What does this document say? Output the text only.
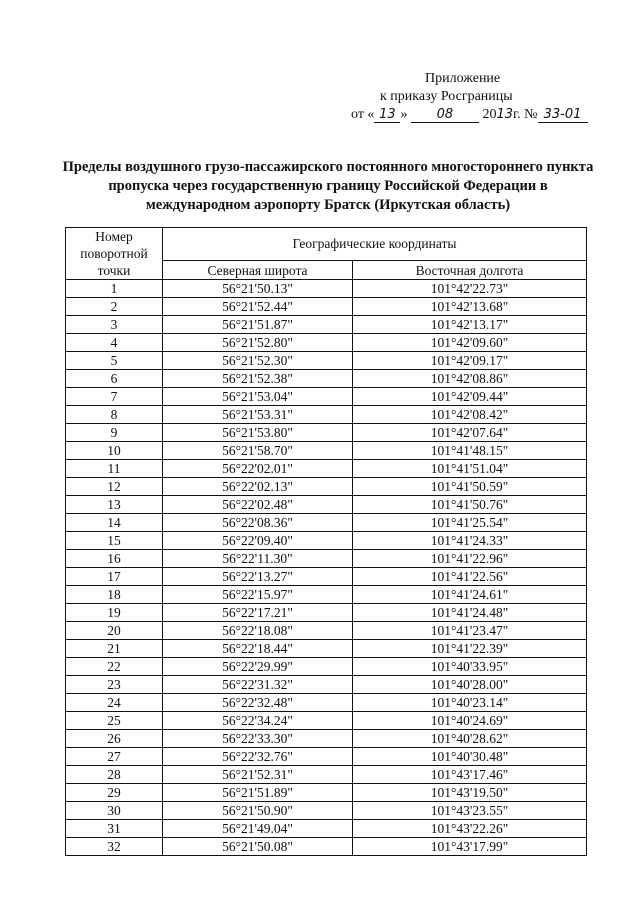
Приложение
к приказу Росграницы
от « 13 » 08 2013г. № 33-01
Пределы воздушного грузо-пассажирского постоянного многостороннего пункта пропуска через государственную границу Российской Федерации в международном аэропорту Братск (Иркутская область)
Номер поворотной точки	Географические координаты	
	Северная широта	Восточная долгота
1	56°21'50.13"	101°42'22.73"
2	56°21'52.44"	101°42'13.68"
3	56°21'51.87"	101°42'13.17"
4	56°21'52.80"	101°42'09.60"
5	56°21'52.30"	101°42'09.17"
6	56°21'52.38"	101°42'08.86"
7	56°21'53.04"	101°42'09.44"
8	56°21'53.31"	101°42'08.42"
9	56°21'53.80"	101°42'07.64"
10	56°21'58.70"	101°41'48.15"
11	56°22'02.01"	101°41'51.04"
12	56°22'02.13"	101°41'50.59"
13	56°22'02.48"	101°41'50.76"
14	56°22'08.36"	101°41'25.54"
15	56°22'09.40"	101°41'24.33"
16	56°22'11.30"	101°41'22.96"
17	56°22'13.27"	101°41'22.56"
18	56°22'15.97"	101°41'24.61"
19	56°22'17.21"	101°41'24.48"
20	56°22'18.08"	101°41'23.47"
21	56°22'18.44"	101°41'22.39"
22	56°22'29.99"	101°40'33.95"
23	56°22'31.32"	101°40'28.00"
24	56°22'32.48"	101°40'23.14"
25	56°22'34.24"	101°40'24.69"
26	56°22'33.30"	101°40'28.62"
27	56°22'32.76"	101°40'30.48"
28	56°21'52.31"	101°43'17.46"
29	56°21'51.89"	101°43'19.50"
30	56°21'50.90"	101°43'23.55"
31	56°21'49.04"	101°43'22.26"
32	56°21'50.08"	101°43'17.99"
